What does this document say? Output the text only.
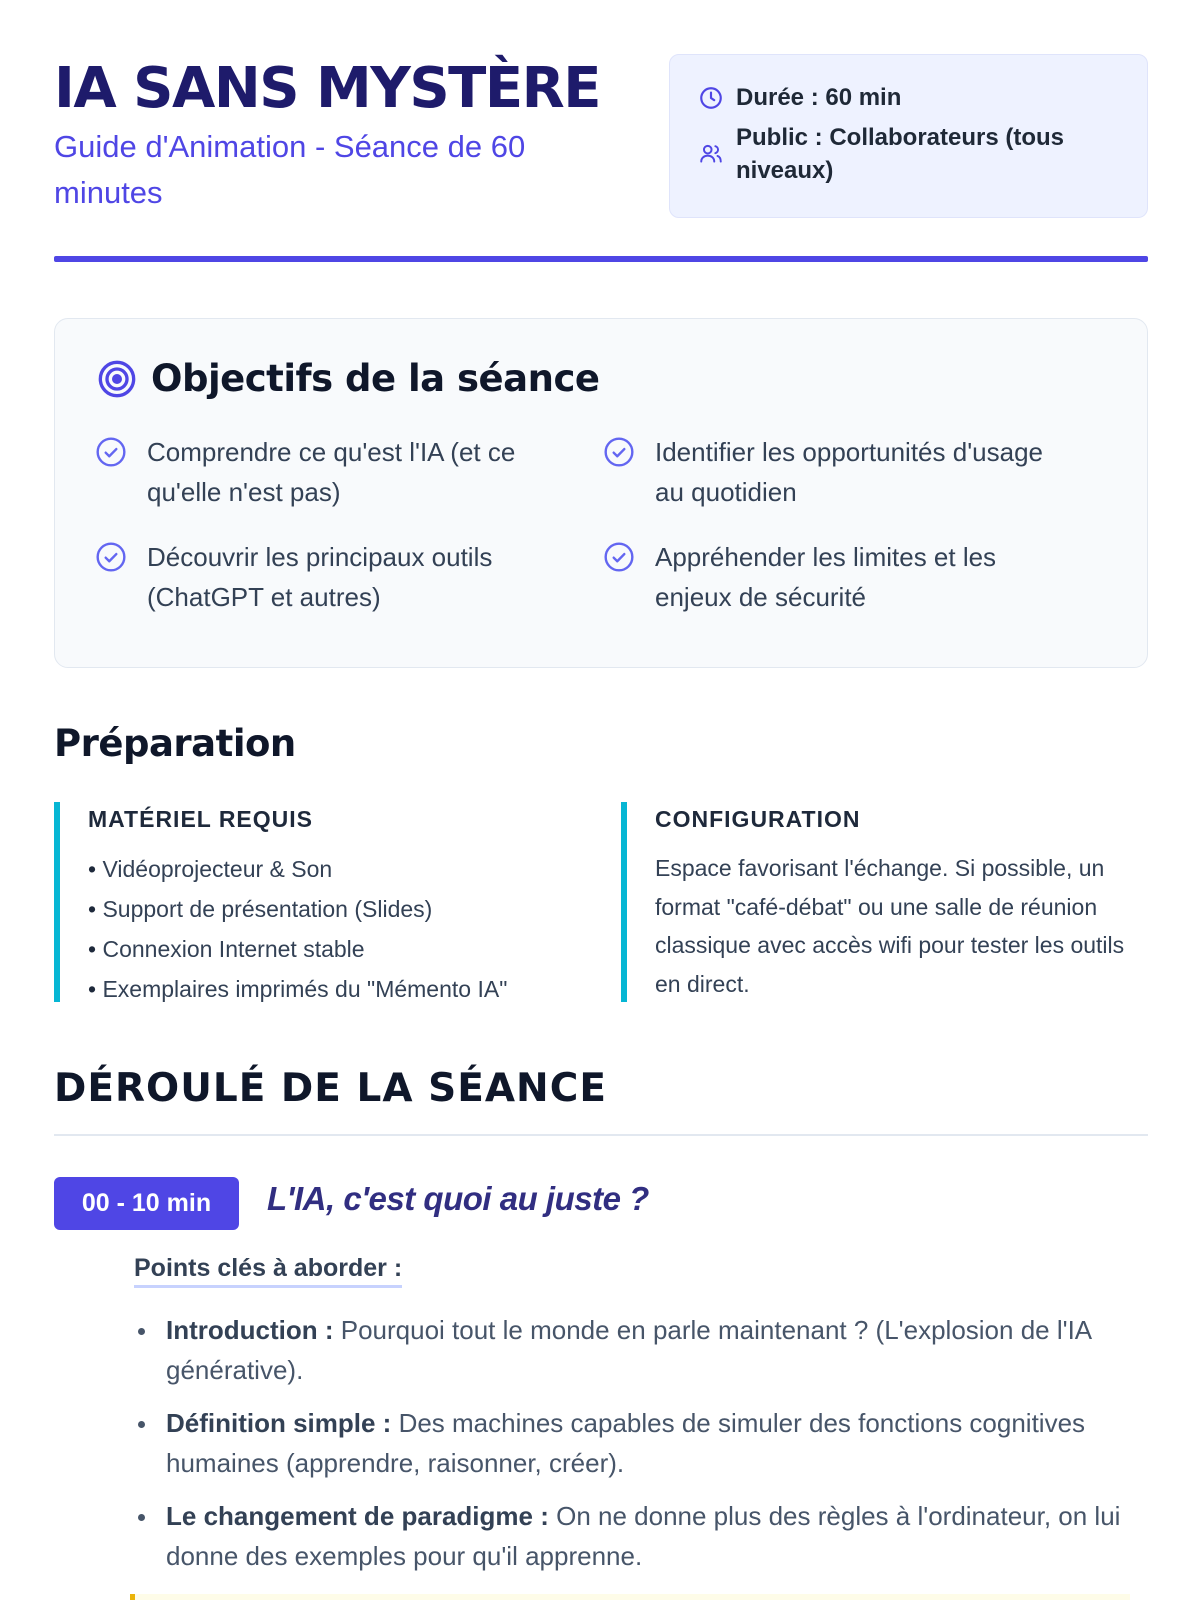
IA SANS MYSTÈRE
Guide d'Animation - Séance de 60 minutes
Durée : 60 min
Public : Collaborateurs (tous niveaux)
Objectifs de la séance
Comprendre ce qu'est l'IA (et ce qu'elle n'est pas)
Identifier les opportunités d'usage au quotidien
Découvrir les principaux outils (ChatGPT et autres)
Appréhender les limites et les enjeux de sécurité
Préparation
MATÉRIEL REQUIS
• Vidéoprojecteur & Son
• Support de présentation (Slides)
• Connexion Internet stable
• Exemplaires imprimés du "Mémento IA"
CONFIGURATION

Espace favorisant l'échange. Si possible, un format "café-débat" ou une salle de réunion classique avec accès wifi pour tester les outils en direct.

DÉROULÉ DE LA SÉANCE
00 - 10 min	L'IA, c'est quoi au juste ?
Points clés à aborder :
Introduction : Pourquoi tout le monde en parle maintenant ? (L'explosion de l'IA générative).
Définition simple : Des machines capables de simuler des fonctions cognitives humaines (apprendre, raisonner, créer).
Le changement de paradigme : On ne donne plus des règles à l'ordinateur, on lui donne des exemples pour qu'il apprenne.
